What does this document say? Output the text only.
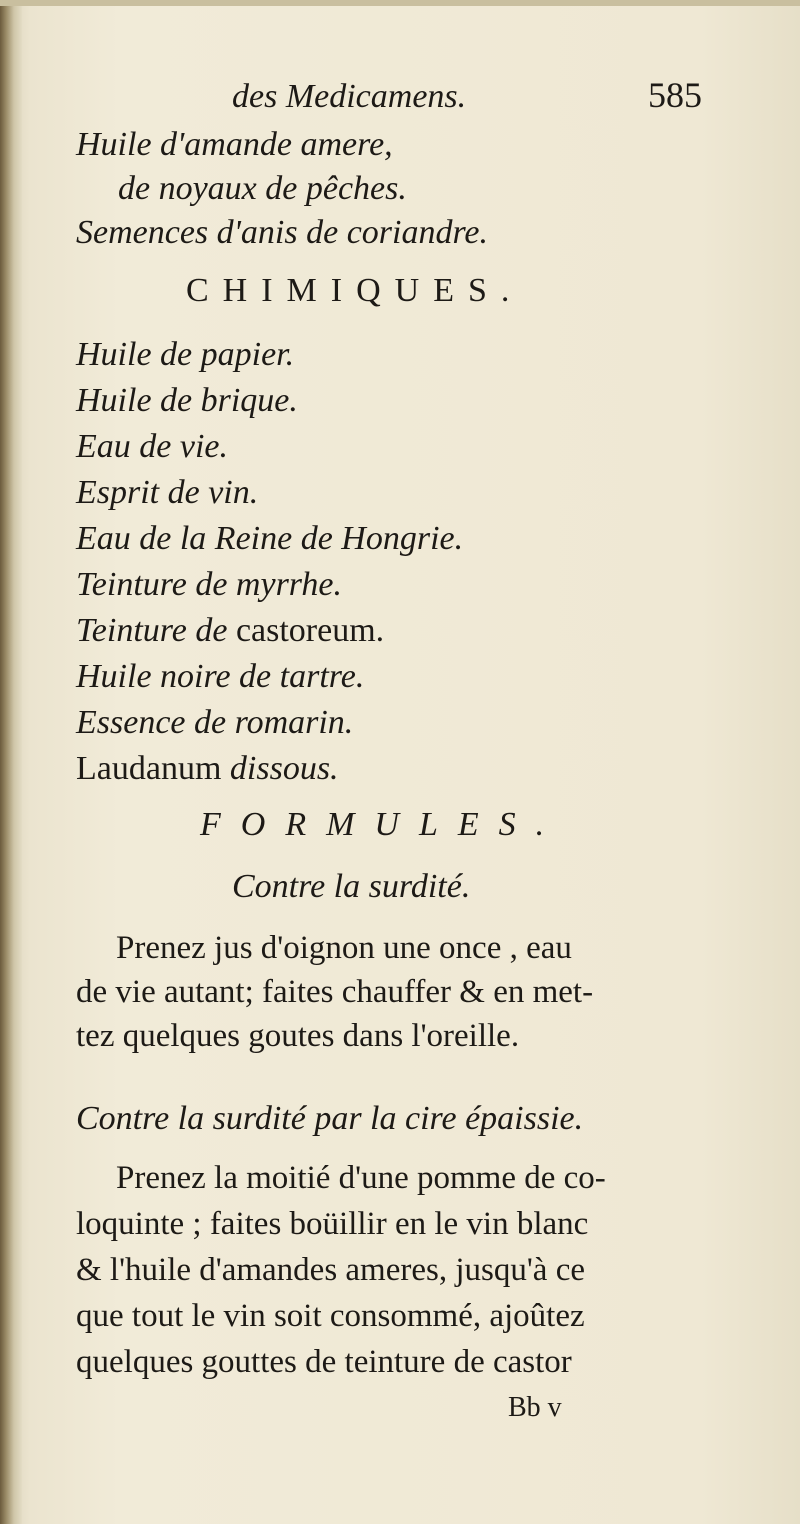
des Medicamens.	585
Huile d'amande amere,
de noyaux de pêches.
Semences d'anis de coriandre.
CHIMIQUES.
Huile de papier.
Huile de brique.
Eau de vie.
Esprit de vin.
Eau de la Reine de Hongrie.
Teinture de myrrhe.
Teinture de castoreum.
Huile noire de tartre.
Essence de romarin.
Laudanum dissous.
FORMULES.
Contre la surdité.
Prenez jus d'oignon une once , eau
de vie autant; faites chauffer & en met-
tez quelques goutes dans l'oreille.
Contre la surdité par la cire épaissie.
Prenez la moitié d'une pomme de co-
loquinte ; faites boüillir en le vin blanc
& l'huile d'amandes ameres, jusqu'à ce
que tout le vin soit consommé, ajoûtez
quelques gouttes de teinture de castor
Bb v
